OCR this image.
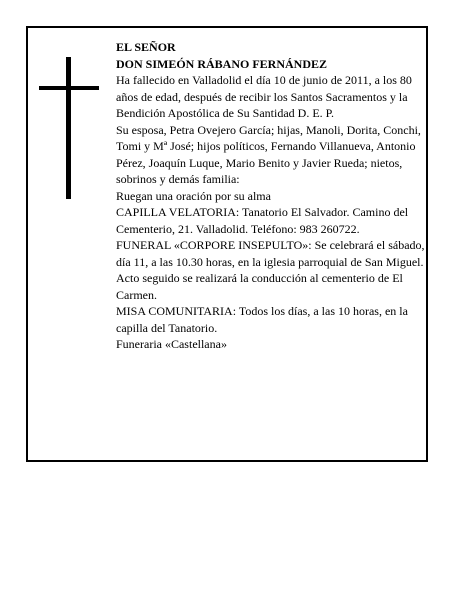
EL SEÑOR

DON SIMEÓN RÁBANO FERNÁNDEZ

Ha fallecido en Valladolid el día 10 de junio de 2011, a los 80 años de edad, después de recibir los Santos Sacramentos y la Bendición Apostólica de Su Santidad D. E. P.

Su esposa, Petra Ovejero García; hijas, Manoli, Dorita, Conchi, Tomi y Mª José; hijos políticos, Fernando Villanueva, Antonio Pérez, Joaquín Luque, Mario Benito y Javier Rueda; nietos, sobrinos y demás familia:

Ruegan una oración por su alma

CAPILLA VELATORIA: Tanatorio El Salvador. Camino del Cementerio, 21. Valladolid. Teléfono: 983 260722.

FUNERAL «CORPORE INSEPULTO»: Se celebrará el sábado, día 11, a las 10.30 horas, en la iglesia parroquial de San Miguel. Acto seguido se realizará la conducción al cementerio de El Carmen.

MISA COMUNITARIA: Todos los días, a las 10 horas, en la capilla del Tanatorio.

Funeraria «Castellana»
